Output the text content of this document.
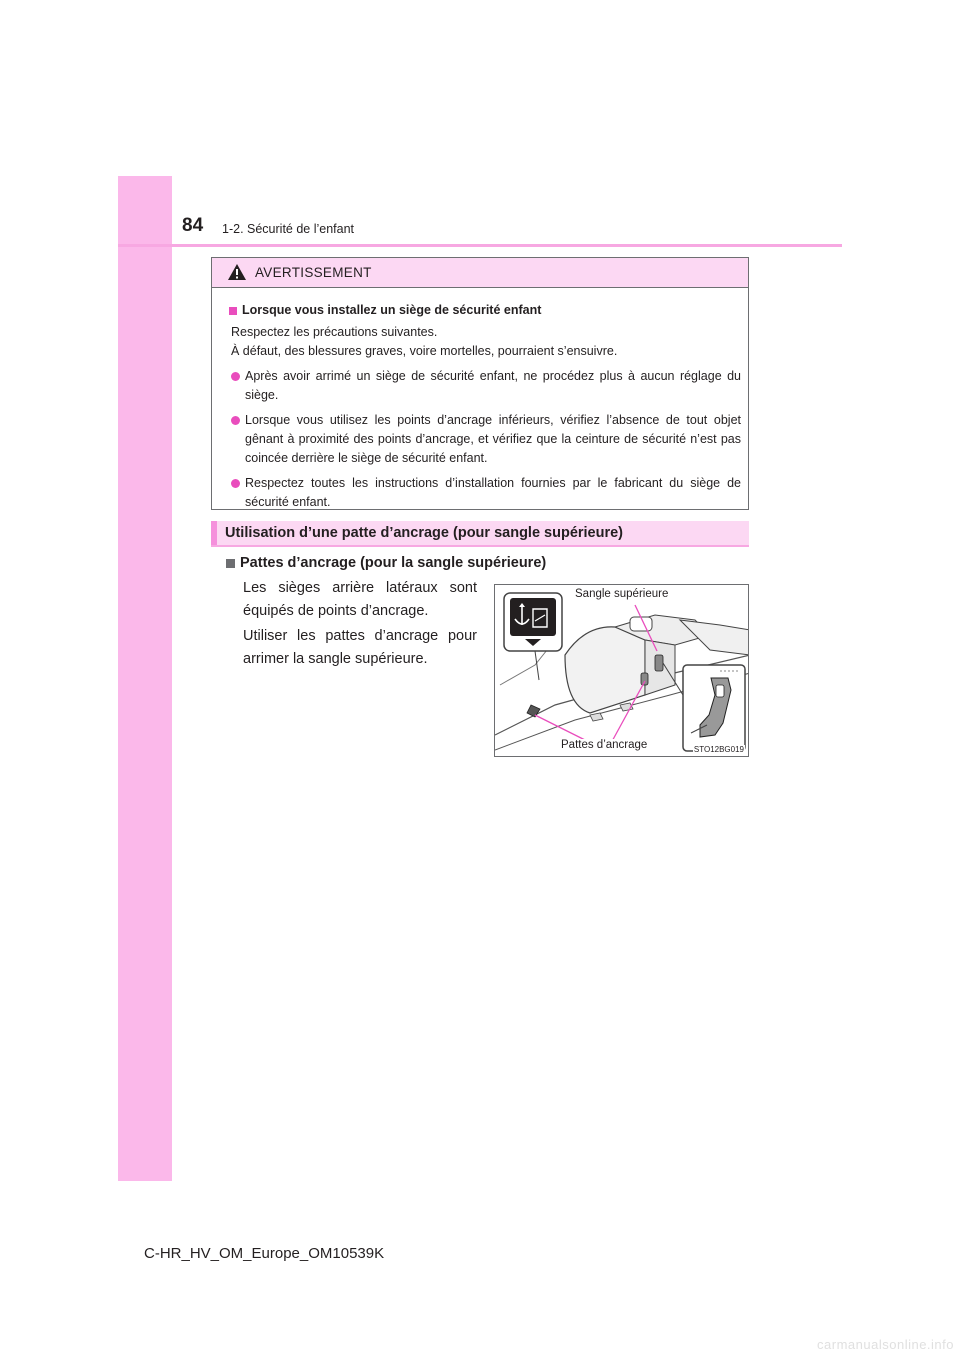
84 1-2. Sécurité de l’enfant
AVERTISSEMENT
Lorsque vous installez un siège de sécurité enfant
Respectez les précautions suivantes.
À défaut, des blessures graves, voire mortelles, pourraient s’ensuivre.
Après avoir arrimé un siège de sécurité enfant, ne procédez plus à aucun réglage du siège.
Lorsque vous utilisez les points d’ancrage inférieurs, vérifiez l’absence de tout objet gênant à proximité des points d’ancrage, et vérifiez que la ceinture de sécurité n’est pas coincée derrière le siège de sécurité enfant.
Respectez toutes les instructions d’installation fournies par le fabricant du siège de sécurité enfant.
Utilisation d’une patte d’ancrage (pour sangle supérieure)
Pattes d’ancrage (pour la sangle supérieure)
Les sièges arrière latéraux sont équipés de points d’ancrage.
Utiliser les pattes d’ancrage pour arrimer la sangle supérieure.
Sangle supérieure
Pattes d’ancrage	STO12BG019
C-HR_HV_OM_Europe_OM10539K
carmanualsonline.info
